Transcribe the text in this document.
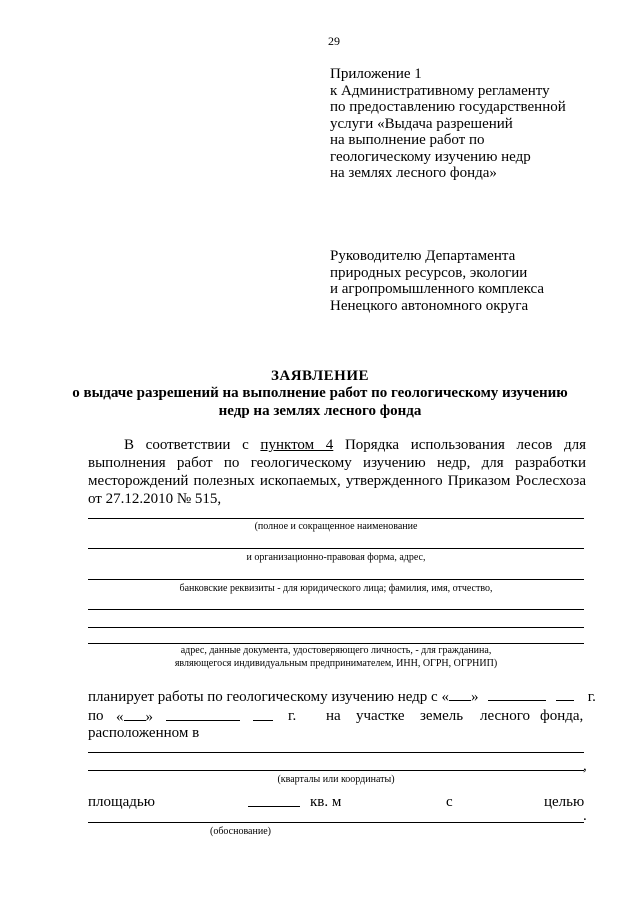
29
Приложение 1
к Административному регламенту
по предоставлению государственной
услуги «Выдача разрешений
на выполнение работ по
геологическому изучению недр
на землях лесного фонда»
Руководителю Департамента
природных ресурсов, экологии
и агропромышленного комплекса
Ненецкого автономного округа
ЗАЯВЛЕНИЕ
о выдаче разрешений на выполнение работ по геологическому изучению
недр на землях лесного фонда
В соответствии с пунктом 4 Порядка использования лесов для выполнения работ по геологическому изучению недр, для разработки месторождений полезных ископаемых, утвержденного Приказом Рослесхоза от 27.12.2010 № 515,
(полное и сокращенное наименование
и организационно-правовая форма, адрес,
банковские реквизиты - для юридического лица; фамилия, имя, отчество,
адрес, данные документа, удостоверяющего личность, - для гражданина,
являющегося индивидуальным предпринимателем, ИНН, ОГРН, ОГРНИП)
планирует работы по геологическому изучению недр с « »	г.
по « »	г. на участке земель лесного фонда,
расположенном в
,
(кварталы или координаты)
площадью	кв. м	с	целью
.
(обоснование)
